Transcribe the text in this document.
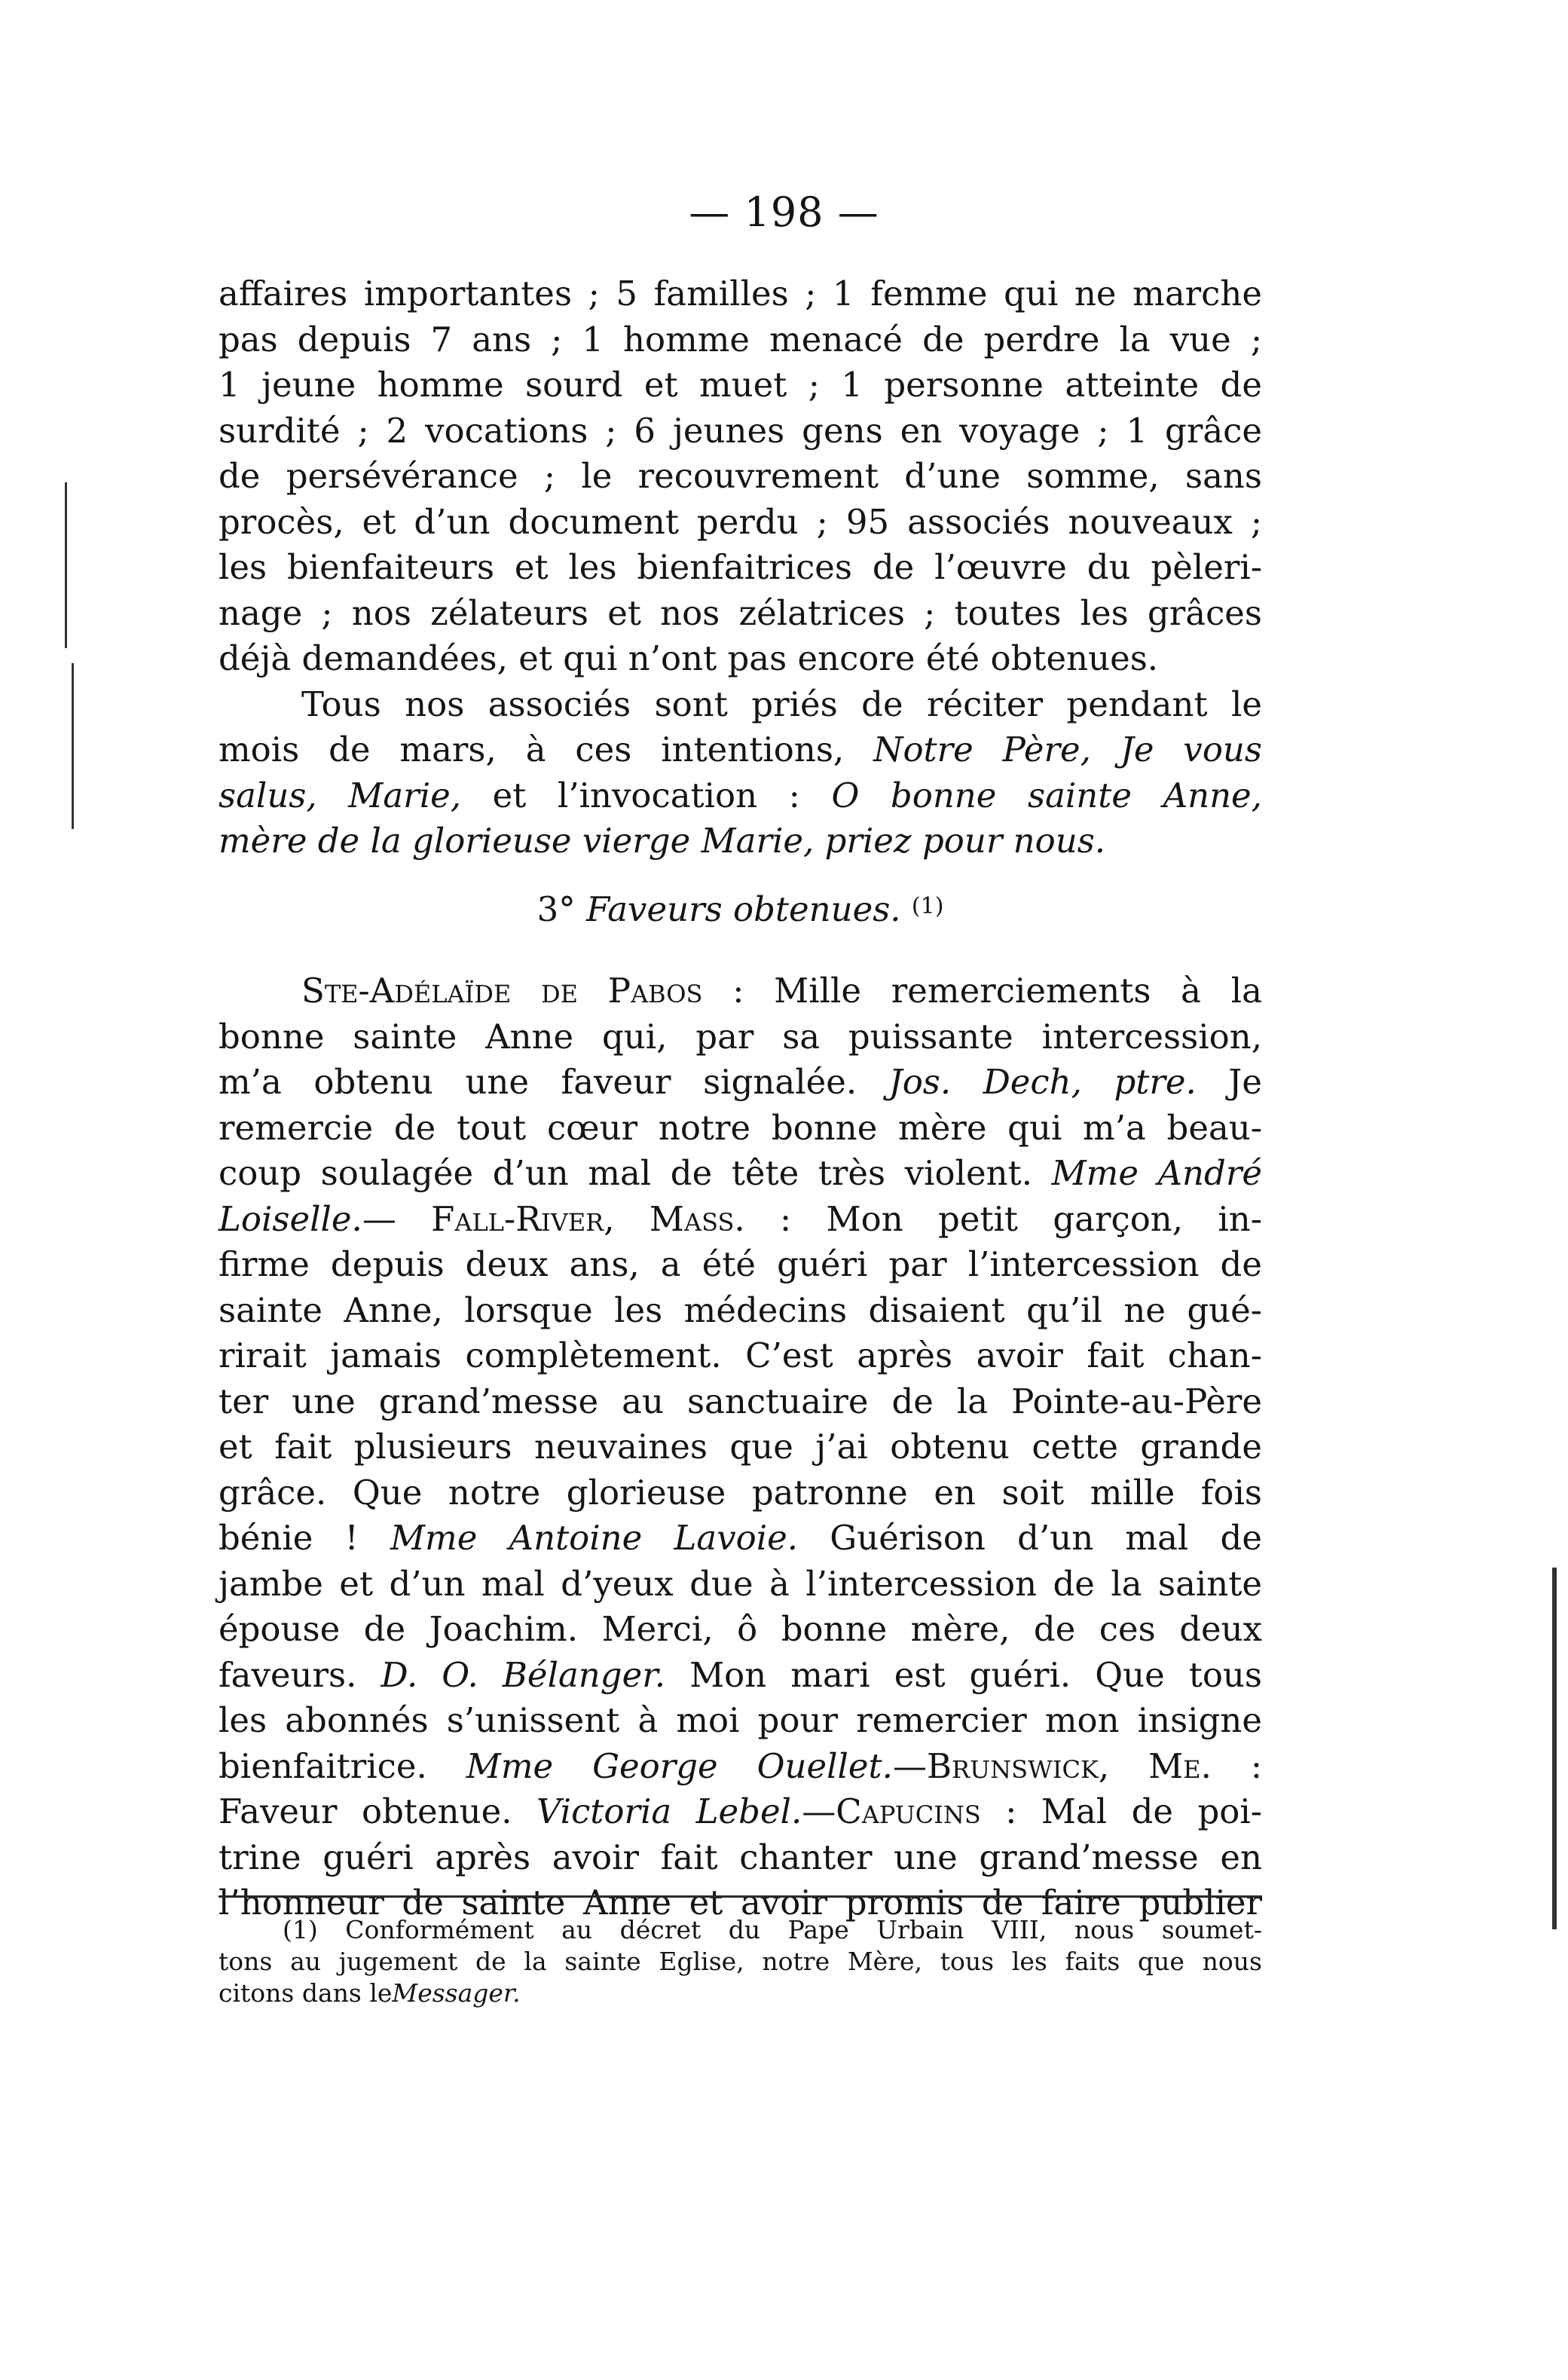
— 198 —
affaires importantes ; 5 familles ; 1 femme qui ne marche
pas depuis 7 ans ; 1 homme menacé de perdre la vue ;
1 jeune homme sourd et muet ; 1 personne atteinte de
surdité ; 2 vocations ; 6 jeunes gens en voyage ; 1 grâce
de persévérance ; le recouvrement d’une somme, sans
procès, et d’un document perdu ; 95 associés nouveaux ;
les bienfaiteurs et les bienfaitrices de l’œuvre du pèleri-
nage ; nos zélateurs et nos zélatrices ; toutes les grâces
déjà demandées, et qui n’ont pas encore été obtenues.
Tous nos associés sont priés de réciter pendant le
mois de mars, à ces intentions, Notre Père, Je vous
salus, Marie, et l’invocation : O bonne sainte Anne,
mère de la glorieuse vierge Marie, priez pour nous.
3° Faveurs obtenues. $^{(1)}$
Ste-Adélaïde de Pabos : Mille remerciements à la
bonne sainte Anne qui, par sa puissante intercession,
m’a obtenu une faveur signalée. Jos. Dech, ptre. Je
remercie de tout cœur notre bonne mère qui m’a beau-
coup soulagée d’un mal de tête très violent. Mme André
Loiselle.— Fall-River, Mass. : Mon petit garçon, in-
firme depuis deux ans, a été guéri par l’intercession de
sainte Anne, lorsque les médecins disaient qu’il ne gué-
rirait jamais complètement. C’est après avoir fait chan-
ter une grand’messe au sanctuaire de la Pointe-au-Père
et fait plusieurs neuvaines que j’ai obtenu cette grande
grâce. Que notre glorieuse patronne en soit mille fois
bénie ! Mme Antoine Lavoie. Guérison d’un mal de
jambe et d’un mal d’yeux due à l’intercession de la sainte
épouse de Joachim. Merci, ô bonne mère, de ces deux
faveurs. D. O. Bélanger. Mon mari est guéri. Que tous
les abonnés s’unissent à moi pour remercier mon insigne
bienfaitrice. Mme George Ouellet.—Brunswick, Me. :
Faveur obtenue. Victoria Lebel.—Capucins : Mal de poi-
trine guéri après avoir fait chanter une grand’messe en
l’honneur de sainte Anne et avoir promis de faire publier
(1) Conformément au décret du Pape Urbain VIII, nous soumet-
tons au jugement de la sainte Eglise, notre Mère, tous les faits que nous
citons dans leMessager.
